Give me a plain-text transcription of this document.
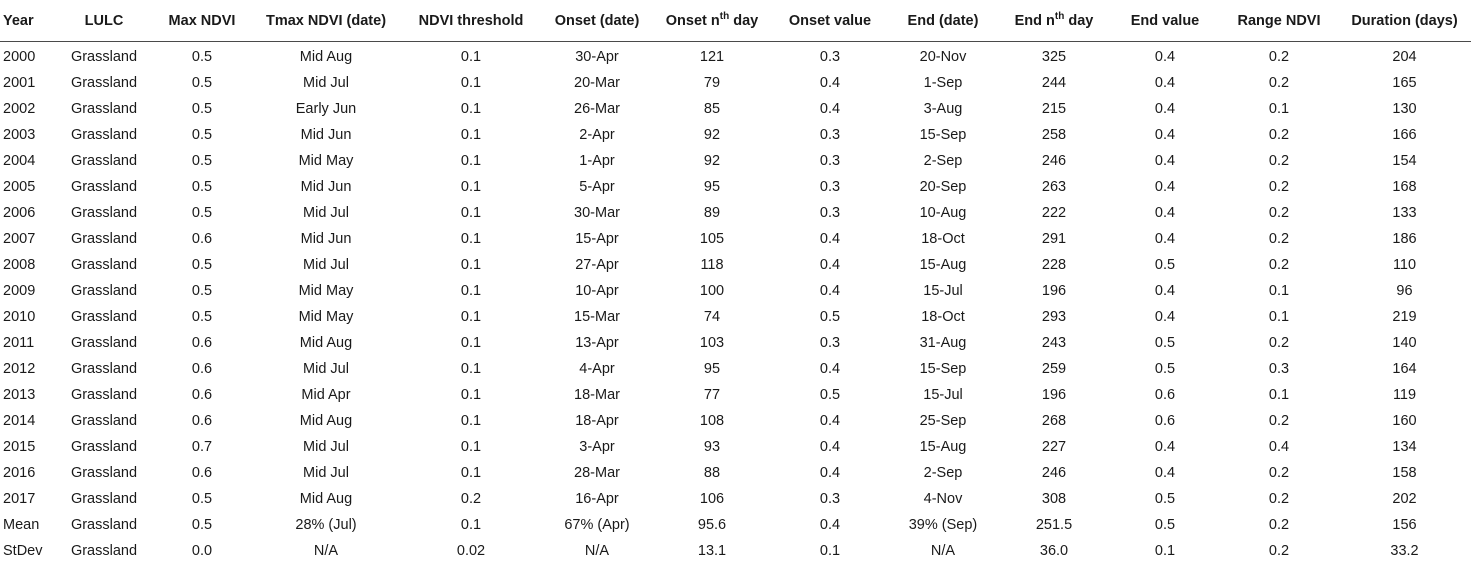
Year	LULC	Max NDVI	Tmax NDVI (date)	NDVI threshold	Onset (date)	Onset $n^{th}$ day	Onset value	End (date)	End $n^{th}$ day	End value	Range NDVI	Duration (days)
2000	Grassland	0.5	Mid Aug	0.1	30-Apr	121	0.3	20-Nov	325	0.4	0.2	204
2001	Grassland	0.5	Mid Jul	0.1	20-Mar	79	0.4	1-Sep	244	0.4	0.2	165
2002	Grassland	0.5	Early Jun	0.1	26-Mar	85	0.4	3-Aug	215	0.4	0.1	130
2003	Grassland	0.5	Mid Jun	0.1	2-Apr	92	0.3	15-Sep	258	0.4	0.2	166
2004	Grassland	0.5	Mid May	0.1	1-Apr	92	0.3	2-Sep	246	0.4	0.2	154
2005	Grassland	0.5	Mid Jun	0.1	5-Apr	95	0.3	20-Sep	263	0.4	0.2	168
2006	Grassland	0.5	Mid Jul	0.1	30-Mar	89	0.3	10-Aug	222	0.4	0.2	133
2007	Grassland	0.6	Mid Jun	0.1	15-Apr	105	0.4	18-Oct	291	0.4	0.2	186
2008	Grassland	0.5	Mid Jul	0.1	27-Apr	118	0.4	15-Aug	228	0.5	0.2	110
2009	Grassland	0.5	Mid May	0.1	10-Apr	100	0.4	15-Jul	196	0.4	0.1	96
2010	Grassland	0.5	Mid May	0.1	15-Mar	74	0.5	18-Oct	293	0.4	0.1	219
2011	Grassland	0.6	Mid Aug	0.1	13-Apr	103	0.3	31-Aug	243	0.5	0.2	140
2012	Grassland	0.6	Mid Jul	0.1	4-Apr	95	0.4	15-Sep	259	0.5	0.3	164
2013	Grassland	0.6	Mid Apr	0.1	18-Mar	77	0.5	15-Jul	196	0.6	0.1	119
2014	Grassland	0.6	Mid Aug	0.1	18-Apr	108	0.4	25-Sep	268	0.6	0.2	160
2015	Grassland	0.7	Mid Jul	0.1	3-Apr	93	0.4	15-Aug	227	0.4	0.4	134
2016	Grassland	0.6	Mid Jul	0.1	28-Mar	88	0.4	2-Sep	246	0.4	0.2	158
2017	Grassland	0.5	Mid Aug	0.2	16-Apr	106	0.3	4-Nov	308	0.5	0.2	202
Mean	Grassland	0.5	28% (Jul)	0.1	67% (Apr)	95.6	0.4	39% (Sep)	251.5	0.5	0.2	156
StDev	Grassland	0.0	N/A	0.02	N/A	13.1	0.1	N/A	36.0	0.1	0.2	33.2
